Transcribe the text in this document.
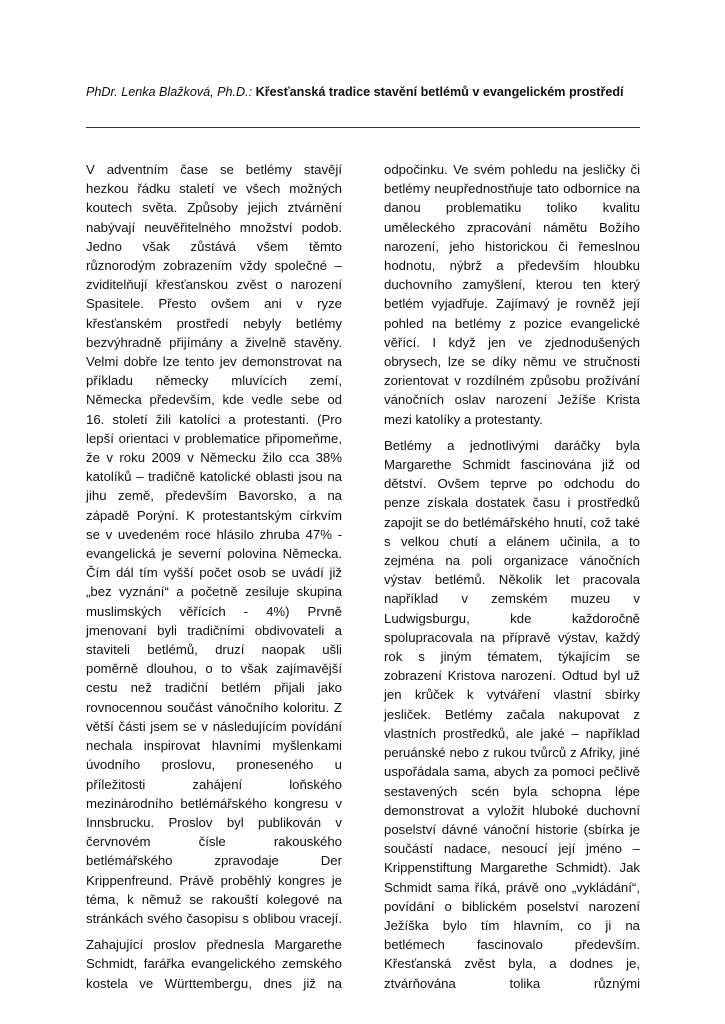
PhDr. Lenka Blažková, Ph.D.: Křesťanská tradice stavění betlémů v evangelickém prostředí

V adventním čase se betlémy stavějí hezkou řádku staletí ve všech možných koutech světa. Způsoby jejich ztvárnění nabývají neuvěřitelného množství podob. Jedno však zůstává všem těmto různorodým zobrazením vždy společné – zviditelňují křesťanskou zvěst o narození Spasitele. Přesto ovšem ani v ryze křesťanském prostředí nebyly betlémy bezvýhradně přijímány a živelně stavěny. Velmi dobře lze tento jev demonstrovat na příkladu německy mluvících zemí, Německa především, kde vedle sebe od 16. století žili katolíci a protestanti. (Pro lepší orientaci v problematice připomeňme, že v roku 2009 v Německu žilo cca 38% katolíků – tradičně katolické oblasti jsou na jihu země, především Bavorsko, a na západě Porýní. K protestantským církvím se v uvedeném roce hlásilo zhruba 47% - evangelická je severní polovina Německa. Čím dál tím vyšší počet osob se uvádí již „bez vyznání“ a početně zesiluje skupina muslimských věřících - 4%) Prvně jmenovaní byli tradičními obdivovateli a staviteli betlémů, druzí naopak ušli poměrně dlouhou, o to však zajímavější cestu než tradiční betlém přijali jako rovnocennou součást vánočního koloritu. Z větší části jsem se v následujícím povídání nechala inspirovat hlavními myšlenkami úvodního proslovu, proneseného u příležitosti zahájení loňského mezinárodního betlémářského kongresu v Innsbrucku. Proslov byl publikován v červnovém čísle rakouského betlémářského zpravodaje Der Krippenfreund. Právě proběhlý kongres je téma, k němuž se rakouští kolegové na stránkách svého časopisu s oblibou vracejí.

Zahajující proslov přednesla Margarethe Schmidt, farářka evangelického zemského kostela ve Württembergu, dnes již na

odpočinku. Ve svém pohledu na jesličky či betlémy neupřednostňuje tato odbornice na danou problematiku toliko kvalitu uměleckého zpracování námětu Božího narození, jeho historickou či řemeslnou hodnotu, nýbrž a především hloubku duchovního zamyšlení, kterou ten který betlém vyjadřuje. Zajímavý je rovněž její pohled na betlémy z pozice evangelické věřící. I když jen ve zjednodušených obrysech, lze se díky němu ve stručnosti zorientovat v rozdílném způsobu prožívání vánočních oslav narození Ježíše Krista mezi katolíky a protestanty.

Betlémy a jednotlivými daráčky byla Margarethe Schmidt fascinována již od dětství. Ovšem teprve po odchodu do penze získala dostatek času i prostředků zapojit se do betlémářského hnutí, což také s velkou chutí a elánem učinila, a to zejména na poli organizace vánočních výstav betlémů. Několik let pracovala například v zemském muzeu v Ludwigsburgu, kde každoročně spolupracovala na přípravě výstav, každý rok s jiným tématem, týkajícím se zobrazení Kristova narození. Odtud byl už jen krůček k vytváření vlastní sbírky jesliček. Betlémy začala nakupovat z vlastních prostředků, ale jaké – například peruánské nebo z rukou tvůrců z Afriky, jiné uspořádala sama, abych za pomoci pečlivě sestavených scén byla schopna lépe demonstrovat a vyložit hluboké duchovní poselství dávné vánoční historie (sbírka je součástí nadace, nesoucí její jméno – Krippenstiftung Margarethe Schmidt). Jak Schmidt sama říká, právě ono „vykládání“, povídání o biblickém poselství narození Ježíška bylo tím hlavním, co ji na betlémech fascinovalo především. Křesťanská zvěst byla, a dodnes je, ztvárňována tolika různými
